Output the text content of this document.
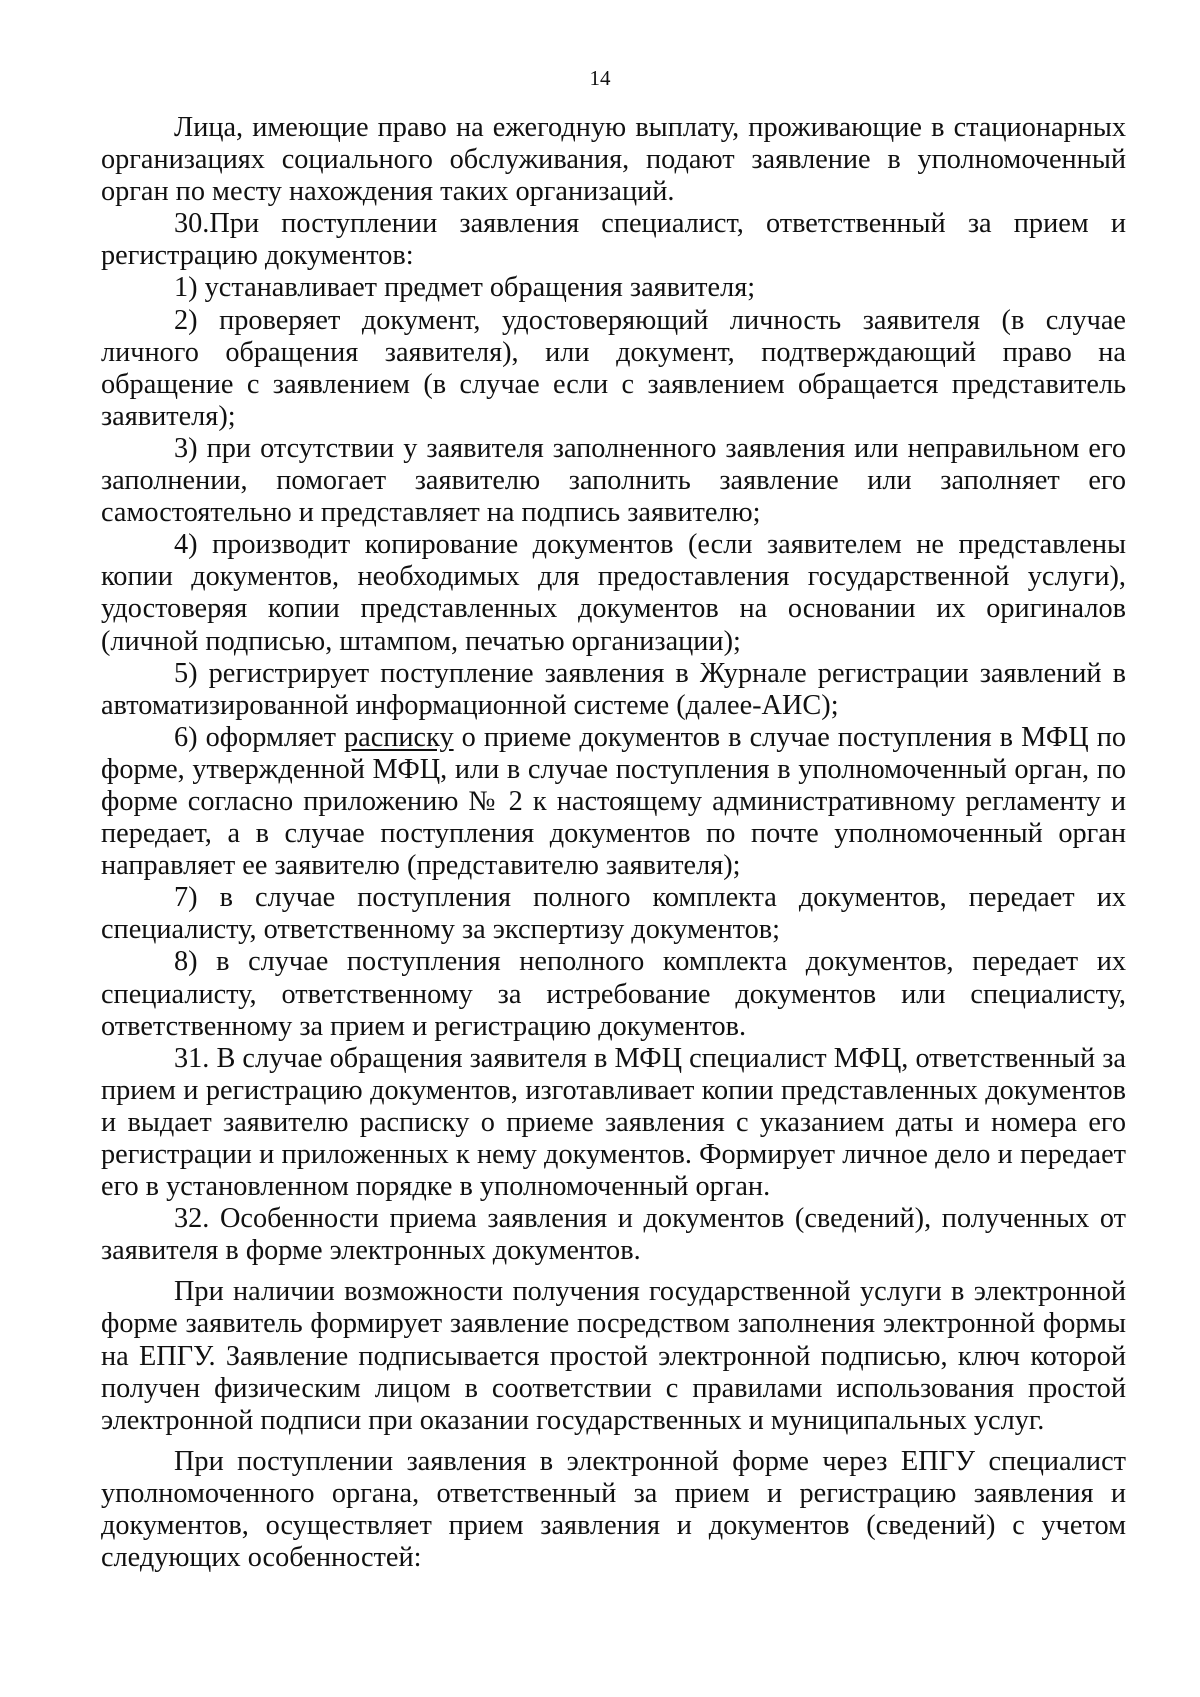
14

Лица, имеющие право на ежегодную выплату, проживающие в стационарных организациях социального обслуживания, подают заявление в уполномоченный орган по месту нахождения таких организаций.

30.При поступлении заявления специалист, ответственный за прием и регистрацию документов:

1) устанавливает предмет обращения заявителя;

2) проверяет документ, удостоверяющий личность заявителя (в случае личного обращения заявителя), или документ, подтверждающий право на обращение с заявлением (в случае если с заявлением обращается представитель заявителя);

3) при отсутствии у заявителя заполненного заявления или неправильном его заполнении, помогает заявителю заполнить заявление или заполняет его самостоятельно и представляет на подпись заявителю;

4) производит копирование документов (если заявителем не представлены копии документов, необходимых для предоставления государственной услуги), удостоверяя копии представленных документов на основании их оригиналов (личной подписью, штампом, печатью организации);

5) регистрирует поступление заявления в Журнале регистрации заявлений в автоматизированной информационной системе (далее-АИС);

6) оформляет расписку о приеме документов в случае поступления в МФЦ по форме, утвержденной МФЦ, или в случае поступления в уполномоченный орган, по форме согласно приложению № 2 к настоящему административному регламенту и передает, а в случае поступления документов по почте уполномоченный орган направляет ее заявителю (представителю заявителя);

7) в случае поступления полного комплекта документов, передает их специалисту, ответственному за экспертизу документов;

8) в случае поступления неполного комплекта документов, передает их специалисту, ответственному за истребование документов или специалисту, ответственному за прием и регистрацию документов.

31. В случае обращения заявителя в МФЦ специалист МФЦ, ответственный за прием и регистрацию документов, изготавливает копии представленных документов и выдает заявителю расписку о приеме заявления с указанием даты и номера его регистрации и приложенных к нему документов. Формирует личное дело и передает его в установленном порядке в уполномоченный орган.

32. Особенности приема заявления и документов (сведений), полученных от заявителя в форме электронных документов.

При наличии возможности получения государственной услуги в электронной форме заявитель формирует заявление посредством заполнения электронной формы на ЕПГУ. Заявление подписывается простой электронной подписью, ключ которой получен физическим лицом в соответствии с правилами использования простой электронной подписи при оказании государственных и муниципальных услуг.

При поступлении заявления в электронной форме через ЕПГУ специалист уполномоченного органа, ответственный за прием и регистрацию заявления и документов, осуществляет прием заявления и документов (сведений) с учетом следующих особенностей:
